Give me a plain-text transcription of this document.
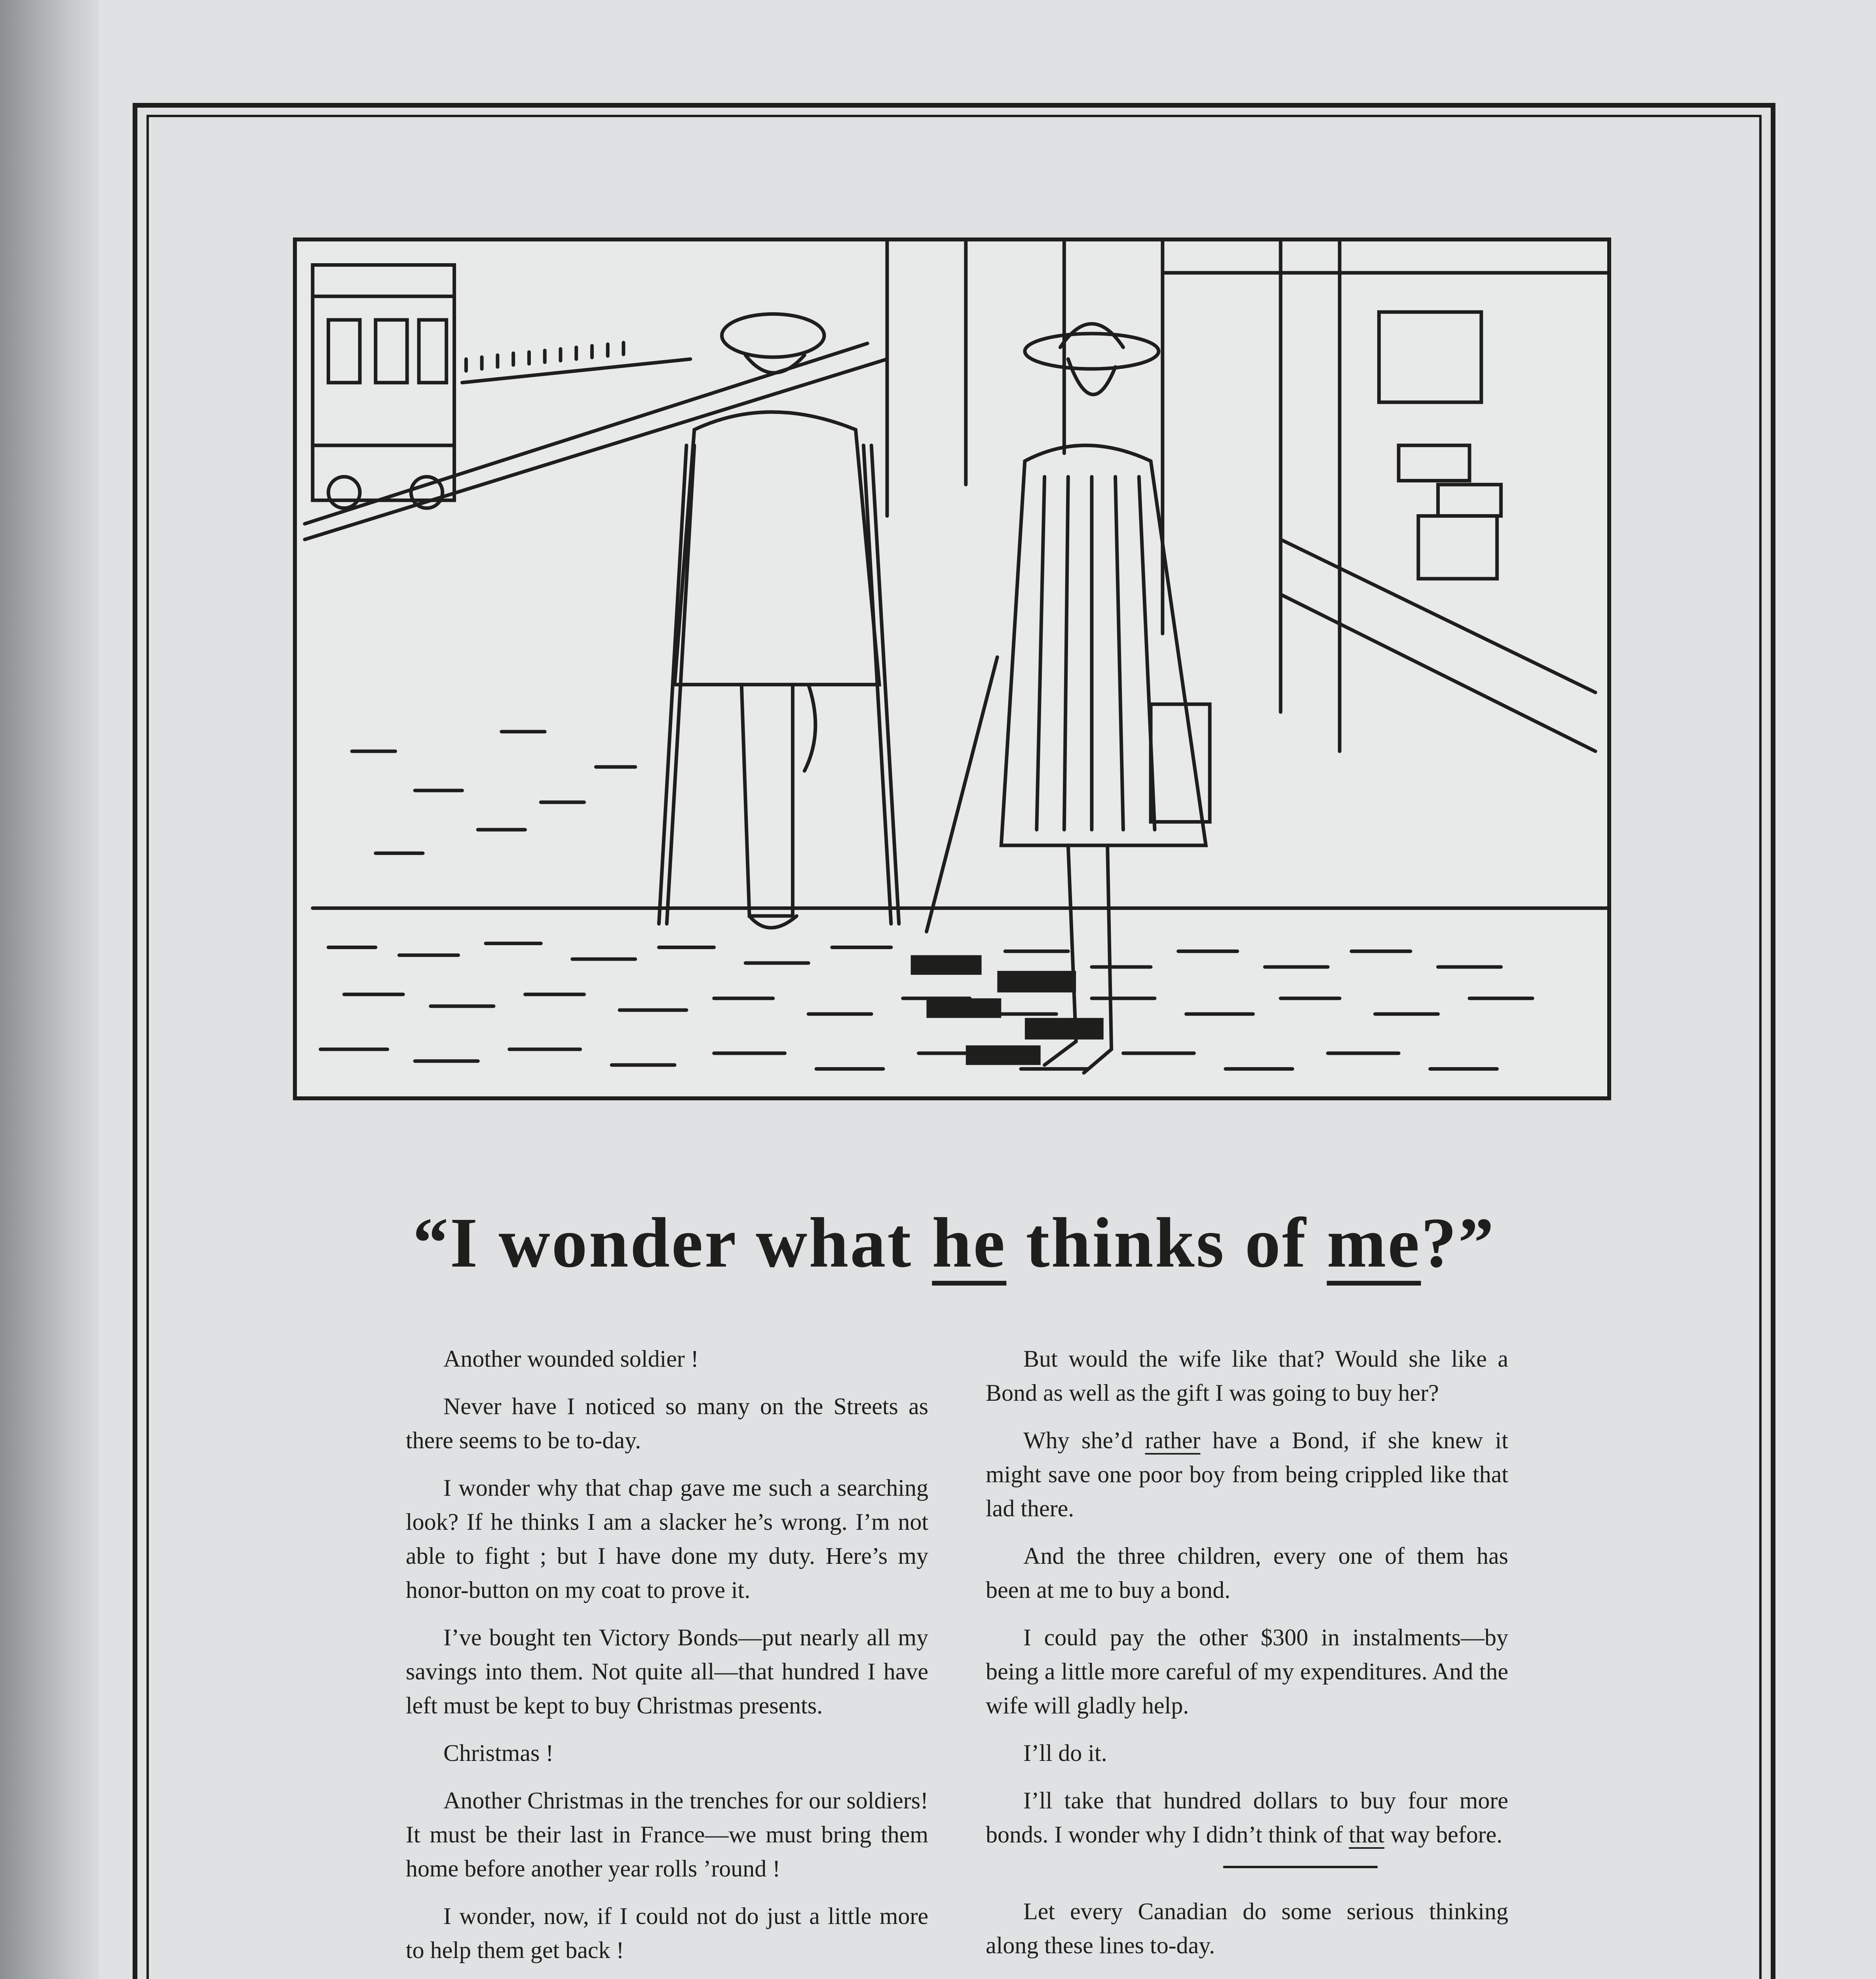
“I wonder what he thinks of me?”

Another wounded soldier !

Never have I noticed so many on the Streets as there seems to be to-day.

I wonder why that chap gave me such a searching look? If he thinks I am a slacker he’s wrong. I’m not able to fight ; but I have done my duty. Here’s my honor-button on my coat to prove it.

I’ve bought ten Victory Bonds—put nearly all my savings into them. Not quite all—that hundred I have left must be kept to buy Christmas presents.

Christmas !

Another Christmas in the trenches for our soldiers! It must be their last in France—we must bring them home before another year rolls ’round !

I wonder, now, if I could not do just a little more to help them get back !

But would the wife like that? Would she like a Bond as well as the gift I was going to buy her?

Why she’d rather have a Bond, if she knew it might save one poor boy from being crippled like that lad there.

And the three children, every one of them has been at me to buy a bond.

I could pay the other $300 in instalments—by being a little more careful of my expenditures. And the wife will gladly help.

I’ll do it.

I’ll take that hundred dollars to buy four more bonds. I wonder why I didn’t think of that way before.

Let every Canadian do some serious thinking along these lines to-day.
